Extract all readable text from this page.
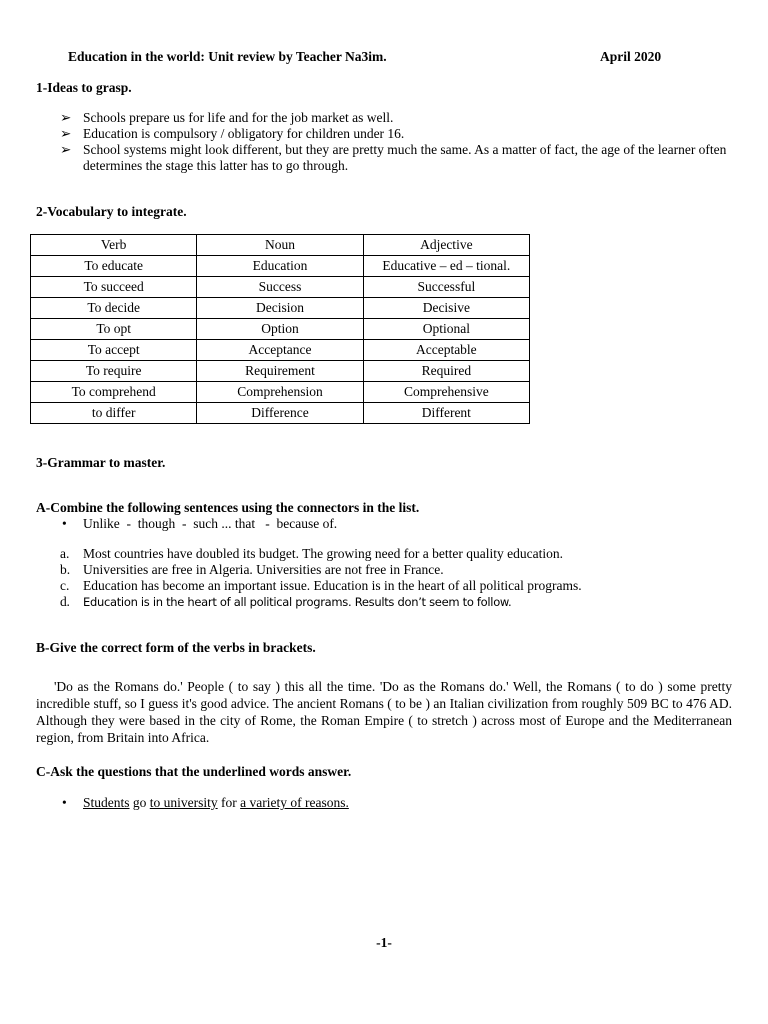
Education in the world: Unit review by Teacher Na3im.	April 2020
1-Ideas to grasp.
➢ Schools prepare us for life and for the job market as well.
➢ Education is compulsory / obligatory for children under 16.
➢ School systems might look different, but they are pretty much the same. As a matter of fact, the age of the learner often determines the stage this latter has to go through.
2-Vocabulary to integrate.
Verb	Noun	Adjective
To educate	Education	Educative – ed – tional.
To succeed	Success	Successful
To decide	Decision	Decisive
To opt	Option	Optional
To accept	Acceptance	Acceptable
To require	Requirement	Required
To comprehend	Comprehension	Comprehensive
to differ	Difference	Different
3-Grammar to master.
A-Combine the following sentences using the connectors in the list.
• Unlike  -  though  -  such ... that   -  because of.
a. Most countries have doubled its budget. The growing need for a better quality education.
b. Universities are free in Algeria. Universities are not free in France.
c. Education has become an important issue. Education is in the heart of all political programs.
d. Education is in the heart of all political programs. Results don’t seem to follow.
B-Give the correct form of the verbs in brackets.
'Do as the Romans do.' People ( to say ) this all the time. 'Do as the Romans do.' Well, the Romans ( to do ) some pretty incredible stuff, so I guess it's good advice. The ancient Romans ( to be ) an Italian civilization from roughly 509 BC to 476 AD. Although they were based in the city of Rome, the Roman Empire ( to stretch ) across most of Europe and the Mediterranean region, from Britain into Africa.
C-Ask the questions that the underlined words answer.
• Students go to university for a variety of reasons.
-1-
